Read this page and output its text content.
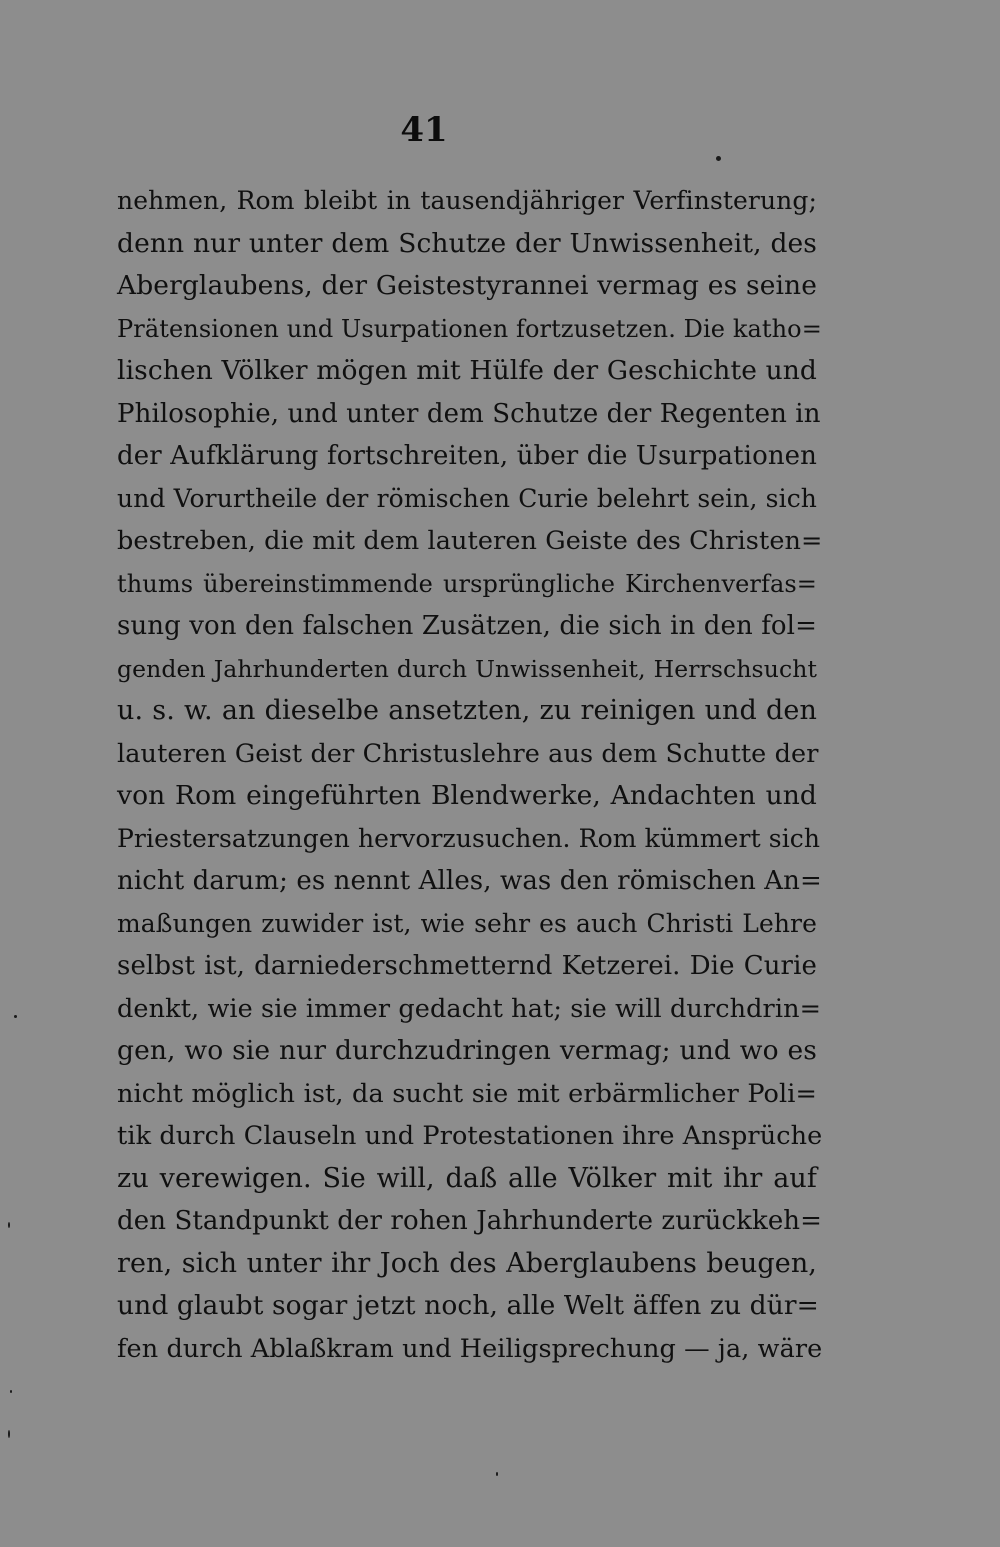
41
nehmen, Rom bleibt in tausendjähriger Verfinsterung;
denn nur unter dem Schutze der Unwissenheit, des
Aberglaubens, der Geistestyrannei vermag es seine
Prätensionen und Usurpationen fortzusetzen. Die katho=
lischen Völker mögen mit Hülfe der Geschichte und
Philosophie, und unter dem Schutze der Regenten in
der Aufklärung fortschreiten, über die Usurpationen
und Vorurtheile der römischen Curie belehrt sein, sich
bestreben, die mit dem lauteren Geiste des Christen=
thums übereinstimmende ursprüngliche Kirchenverfas=
sung von den falschen Zusätzen, die sich in den fol=
genden Jahrhunderten durch Unwissenheit, Herrschsucht
u. s. w. an dieselbe ansetzten, zu reinigen und den
lauteren Geist der Christuslehre aus dem Schutte der
von Rom eingeführten Blendwerke, Andachten und
Priestersatzungen hervorzusuchen. Rom kümmert sich
nicht darum; es nennt Alles, was den römischen An=
maßungen zuwider ist, wie sehr es auch Christi Lehre
selbst ist, darniederschmetternd Ketzerei. Die Curie
denkt, wie sie immer gedacht hat; sie will durchdrin=
gen, wo sie nur durchzudringen vermag; und wo es
nicht möglich ist, da sucht sie mit erbärmlicher Poli=
tik durch Clauseln und Protestationen ihre Ansprüche
zu verewigen. Sie will, daß alle Völker mit ihr auf
den Standpunkt der rohen Jahrhunderte zurückkeh=
ren, sich unter ihr Joch des Aberglaubens beugen,
und glaubt sogar jetzt noch, alle Welt äffen zu dür=
fen durch Ablaßkram und Heiligsprechung — ja, wäre
